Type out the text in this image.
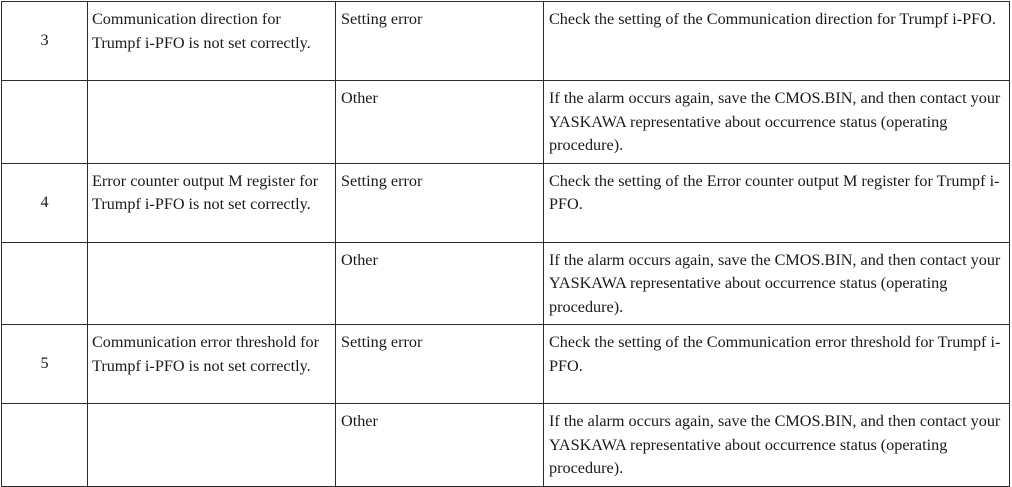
3	Communication direction for Trumpf i-PFO is not set correctly.	Setting error	Check the setting of the Communication direction for Trumpf i-PFO.
		Other	If the alarm occurs again, save the CMOS.BIN, and then contact your YASKAWA representative about occurrence status (operating procedure).
4	Error counter output M register for Trumpf i-PFO is not set correctly.	Setting error	Check the setting of the Error counter output M register for Trumpf i-PFO.
		Other	If the alarm occurs again, save the CMOS.BIN, and then contact your YASKAWA representative about occurrence status (operating procedure).
5	Communication error threshold for Trumpf i-PFO is not set correctly.	Setting error	Check the setting of the Communication error threshold for Trumpf i-PFO.
		Other	If the alarm occurs again, save the CMOS.BIN, and then contact your YASKAWA representative about occurrence status (operating procedure).
